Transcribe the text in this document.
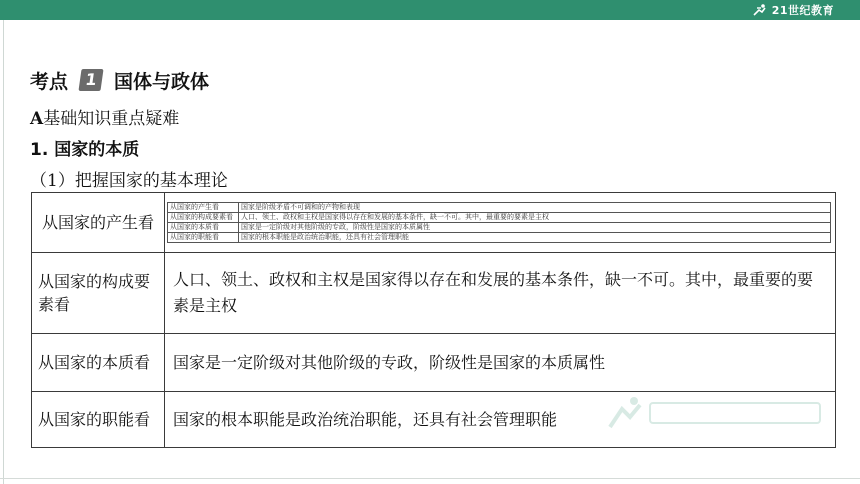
21世纪教育
考点	1 国体与政体
A基础知识重点疑难
1. 国家的本质
（1）把握国家的基本理论
从国家的产生看	
从国家的产生看	国家是阶级矛盾不可调和的产物和表现
从国家的构成要素看	人口、领土、政权和主权是国家得以存在和发展的基本条件，缺一不可。其中，最重要的要素是主权
从国家的本质看	国家是一定阶级对其他阶级的专政，阶级性是国家的本质属性
从国家的职能看	国家的根本职能是政治统治职能，还具有社会管理职能

从国家的构成要素看	人口、领土、政权和主权是国家得以存在和发展的基本条件，缺一不可。其中，最重要的要素是主权
从国家的本质看	国家是一定阶级对其他阶级的专政，阶级性是国家的本质属性
从国家的职能看	国家的根本职能是政治统治职能，还具有社会管理职能
